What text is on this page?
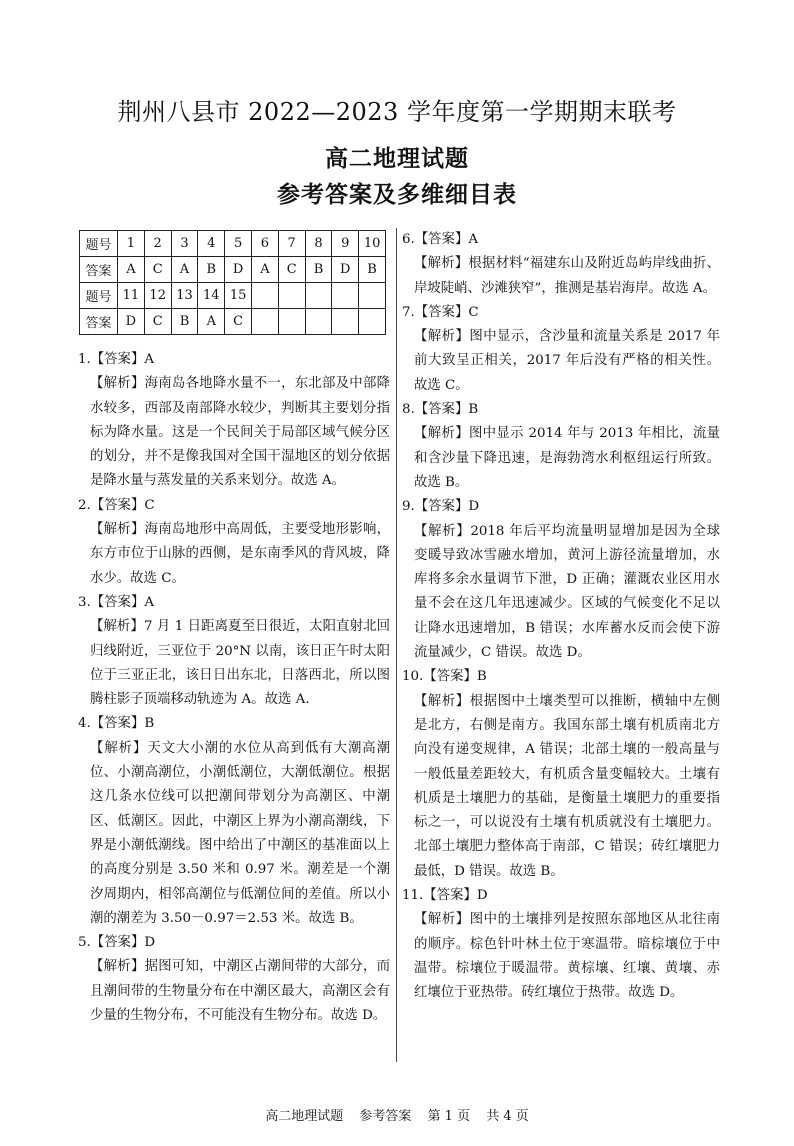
荆州八县市 2022—2023 学年度第一学期期末联考
高二地理试题
参考答案及多维细目表
题号	1	2	3	4	5	6	7	8	9	10
答案	A	C	A	B	D	A	C	B	D	B
题号	11	12	13	14	15					
答案	D	C	B	A	C					
1.【答案】A
【解析】海南岛各地降水量不一，东北部及中部降水较多，西部及南部降水较少，判断其主要划分指标为降水量。这是一个民间关于局部区域气候分区的划分，并不是像我国对全国干湿地区的划分依据是降水量与蒸发量的关系来划分。故选 A。
2.【答案】C
【解析】海南岛地形中高周低，主要受地形影响，东方市位于山脉的西侧，是东南季风的背风坡，降水少。故选 C。
3.【答案】A
【解析】7 月 1 日距离夏至日很近，太阳直射北回归线附近，三亚位于 20°N 以南，该日正午时太阳位于三亚正北，该日日出东北，日落西北，所以图腾柱影子顶端移动轨迹为 A。故选 A.
4.【答案】B
【解析】天文大小潮的水位从高到低有大潮高潮位、小潮高潮位，小潮低潮位，大潮低潮位。根据这几条水位线可以把潮间带划分为高潮区、中潮区、低潮区。因此，中潮区上界为小潮高潮线，下界是小潮低潮线。图中给出了中潮区的基准面以上的高度分别是 3.50 米和 0.97 米。潮差是一个潮汐周期内，相邻高潮位与低潮位间的差值。所以小潮的潮差为 3.50－0.97＝2.53 米。故选 B。
5.【答案】D
【解析】据图可知，中潮区占潮间带的大部分，而且潮间带的生物量分布在中潮区最大，高潮区会有少量的生物分布，不可能没有生物分布。故选 D。
6.【答案】A
【解析】根据材料“福建东山及附近岛屿岸线曲折、岸坡陡峭、沙滩狭窄”，推测是基岩海岸。故选 A。
7.【答案】C
【解析】图中显示，含沙量和流量关系是 2017 年前大致呈正相关，2017 年后没有严格的相关性。故选 C。
8.【答案】B
【解析】图中显示 2014 年与 2013 年相比，流量和含沙量下降迅速，是海勃湾水利枢纽运行所致。故选 B。
9.【答案】D
【解析】2018 年后平均流量明显增加是因为全球变暖导致冰雪融水增加，黄河上游径流量增加，水库将多余水量调节下泄，D 正确；灌溉农业区用水量不会在这几年迅速减少。区域的气候变化不足以让降水迅速增加，B 错误；水库蓄水反而会使下游流量减少，C 错误。故选 D。
10.【答案】B
【解析】根据图中土壤类型可以推断，横轴中左侧是北方，右侧是南方。我国东部土壤有机质南北方向没有递变规律，A 错误；北部土壤的一般高量与一般低量差距较大，有机质含量变幅较大。土壤有机质是土壤肥力的基础，是衡量土壤肥力的重要指标之一，可以说没有土壤有机质就没有土壤肥力。北部土壤肥力整体高于南部，C 错误；砖红壤肥力最低，D 错误。故选 B。
11.【答案】D
【解析】图中的土壤排列是按照东部地区从北往南的顺序。棕色针叶林土位于寒温带。暗棕壤位于中温带。棕壤位于暖温带。黄棕壤、红壤、黄壤、赤红壤位于亚热带。砖红壤位于热带。故选 D。
高二地理试题 参考答案 第 1 页 共 4 页
